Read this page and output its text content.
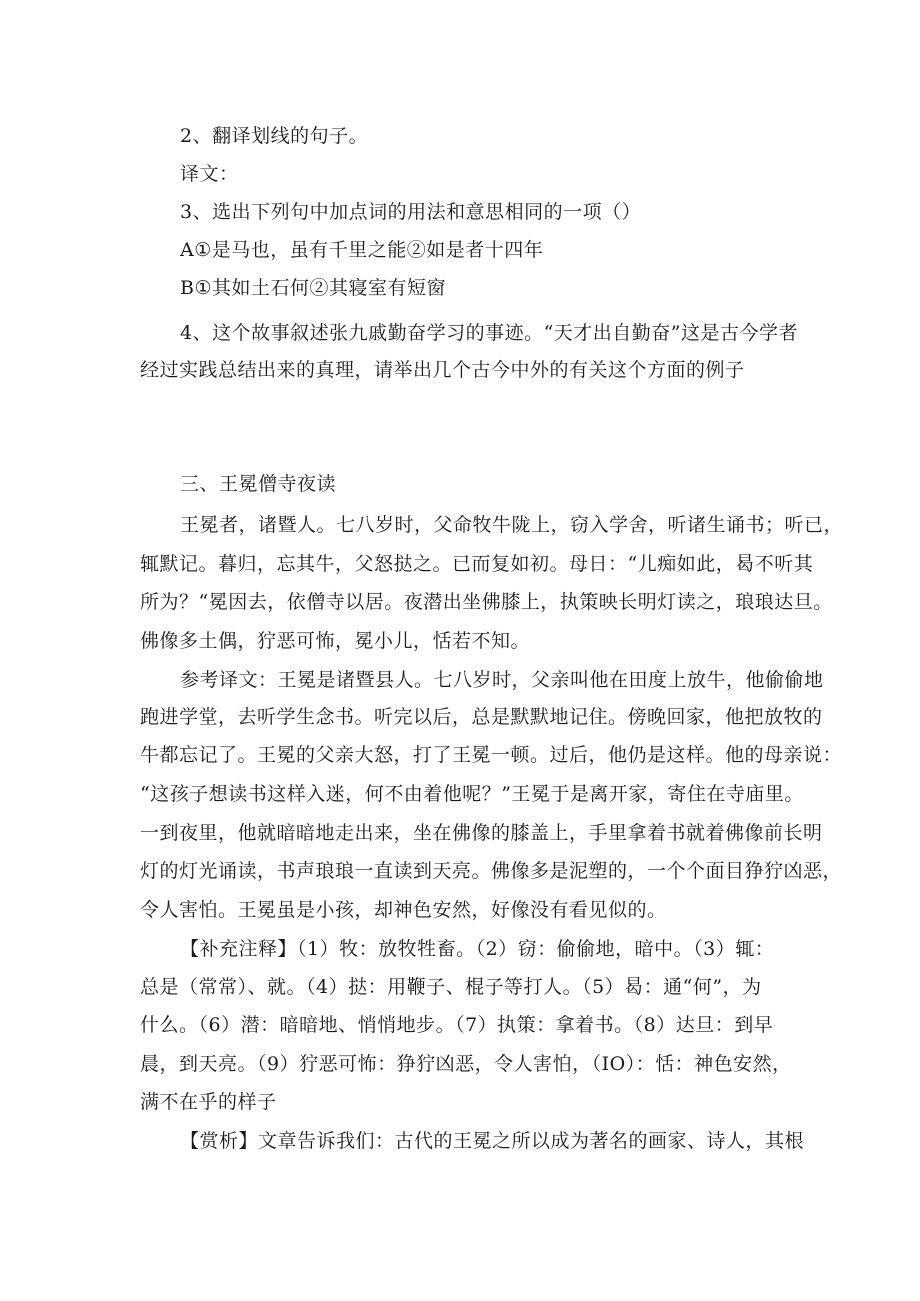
2、翻译划线的句子。
译文：
3、选出下列句中加点词的用法和意思相同的一项（）
A①是马也，虽有千里之能②如是者十四年
B①其如土石何②其寝室有短窗
4、这个故事叙述张九戚勤奋学习的事迹。“天才出自勤奋”这是古今学者
经过实践总结出来的真理，请举出几个古今中外的有关这个方面的例子
三、王冕僧寺夜读
王冕者，诸暨人。七八岁时，父命牧牛陇上，窃入学舍，听诸生诵书；听已，
辄默记。暮归，忘其牛，父怒挞之。已而复如初。母日：“儿痴如此，曷不听其
所为？“冕因去，依僧寺以居。夜潜出坐佛膝上，执策映长明灯读之，琅琅达旦。
佛像多土偶，狞恶可怖，冕小儿，恬若不知。
参考译文：王冕是诸暨县人。七八岁时，父亲叫他在田度上放牛，他偷偷地
跑进学堂，去听学生念书。听完以后，总是默默地记住。傍晚回家，他把放牧的
牛都忘记了。王冕的父亲大怒，打了王冕一顿。过后，他仍是这样。他的母亲说：
“这孩子想读书这样入迷，何不由着他呢？”王冕于是离开家，寄住在寺庙里。
一到夜里，他就暗暗地走出来，坐在佛像的膝盖上，手里拿着书就着佛像前长明
灯的灯光诵读，书声琅琅一直读到天亮。佛像多是泥塑的，一个个面目狰狞凶恶，
令人害怕。王冕虽是小孩，却神色安然，好像没有看见似的。
【补充注释】（1）牧：放牧牲畜。（2）窃：偷偷地，暗中。（3）辄：
总是（常常）、就。（4）挞：用鞭子、棍子等打人。（5）曷：通“何”，为
什么。（6）潜：暗暗地、悄悄地步。（7）执策：拿着书。（8）达旦：到早
晨，到天亮。（9）狞恶可怖：狰狞凶恶，令人害怕，（IO）：恬：神色安然，
满不在乎的样子
【赏析】文章告诉我们：古代的王冕之所以成为著名的画家、诗人，其根
